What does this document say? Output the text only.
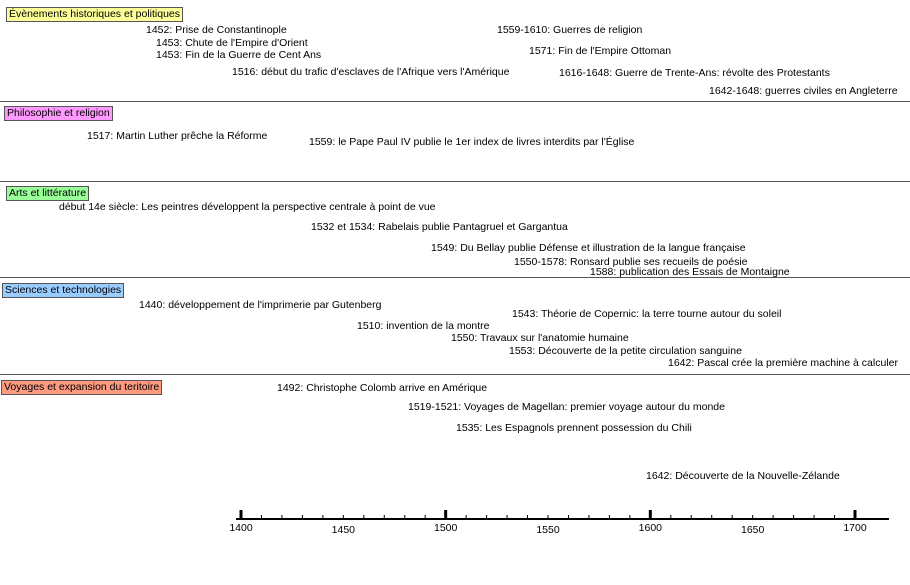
Évènements historiques et politiques
Philosophie et religion
Arts et littérature
Sciences et technologies
Voyages et expansion du teritoire
1452: Prise de Constantinople
1453: Chute de l'Empire d'Orient
1453: Fin de la Guerre de Cent Ans
1516: début du trafic d'esclaves de l'Afrique vers l'Amérique
1559-1610: Guerres de religion
1571: Fin de l'Empire Ottoman
1616-1648: Guerre de Trente-Ans: révolte des Protestants
1642-1648: guerres civiles en Angleterre
1517: Martin Luther prêche la Réforme	1559: le Pape Paul IV publie le 1er index de livres interdits par l'Église
début 14e siècle: Les peintres développent la perspective centrale à point de vue
1532 et 1534: Rabelais publie Pantagruel et Gargantua
1549: Du Bellay publie Défense et illustration de la langue française
1550-1578: Ronsard publie ses recueils de poésie
1588: publication des Essais de Montaigne
1440: développement de l'imprimerie par Gutenberg
1543: Théorie de Copernic: la terre tourne autour du soleil
1510: invention de la montre
1550: Travaux sur l'anatomie humaine
1553: Découverte de la petite circulation sanguine
1642: Pascal crée la première machine à calculer
1492: Christophe Colomb arrive en Amérique
1519-1521: Voyages de Magellan: premier voyage autour du monde
1535: Les Espagnols prennent possession du Chili
1642: Découverte de la Nouvelle-Zélande
1400	1450	1500	1550	1600	1650	1700
